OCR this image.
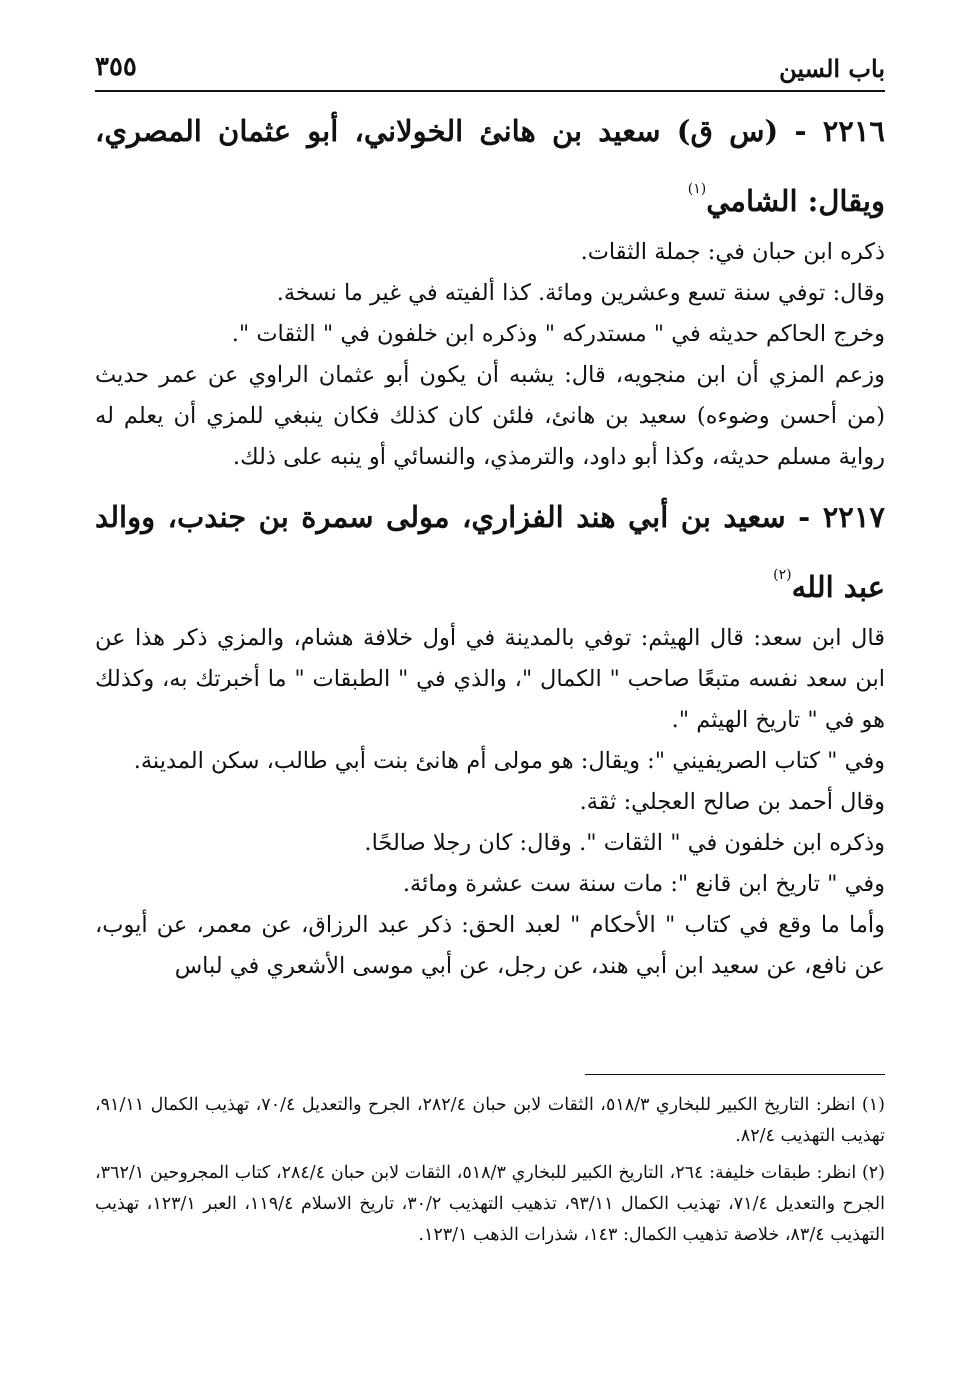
باب السين
٣٥٥
٢٢١٦ - (س ق) سعيد بن هانئ الخولاني، أبو عثمان المصري، ويقال: الشامي$^{(١)}$

ذكره ابن حبان في: جملة الثقات.

وقال: توفي سنة تسع وعشرين ومائة. كذا ألفيته في غير ما نسخة.

وخرج الحاكم حديثه في " مستدركه " وذكره ابن خلفون في " الثقات ".

وزعم المزي أن ابن منجويه، قال: يشبه أن يكون أبو عثمان الراوي عن عمر حديث (من أحسن وضوءه) سعيد بن هانئ، فلئن كان كذلك فكان ينبغي للمزي أن يعلم له رواية مسلم حديثه، وكذا أبو داود، والترمذي، والنسائي أو ينبه على ذلك.

٢٢١٧ - سعيد بن أبي هند الفزاري، مولى سمرة بن جندب، ووالد عبد الله$^{(٢)}$

قال ابن سعد: قال الهيثم: توفي بالمدينة في أول خلافة هشام، والمزي ذكر هذا عن ابن سعد نفسه متبعًا صاحب " الكمال "، والذي في " الطبقات " ما أخبرتك به، وكذلك هو في " تاريخ الهيثم ".

وفي " كتاب الصريفيني ": ويقال: هو مولى أم هانئ بنت أبي طالب، سكن المدينة.

وقال أحمد بن صالح العجلي: ثقة.

وذكره ابن خلفون في " الثقات ". وقال: كان رجلا صالحًا.

وفي " تاريخ ابن قانع ": مات سنة ست عشرة ومائة.

وأما ما وقع في كتاب " الأحكام " لعبد الحق: ذكر عبد الرزاق، عن معمر، عن أيوب، عن نافع، عن سعيد ابن أبي هند، عن رجل، عن أبي موسى الأشعري في لباس

(١) انظر: التاريخ الكبير للبخاري ٥١٨/٣، الثقات لابن حبان ٢٨٢/٤، الجرح والتعديل ٧٠/٤، تهذيب الكمال ٩١/١١، تهذيب التهذيب ٨٢/٤.

(٢) انظر: طبقات خليفة: ٢٦٤، التاريخ الكبير للبخاري ٥١٨/٣، الثقات لابن حبان ٢٨٤/٤، كتاب المجروحين ٣٦٢/١، الجرح والتعديل ٧١/٤، تهذيب الكمال ٩٣/١١، تذهيب التهذيب ٣٠/٢، تاريخ الاسلام ١١٩/٤، العبر ١٢٣/١، تهذيب التهذيب ٨٣/٤، خلاصة تذهيب الكمال: ١٤٣، شذرات الذهب ١٢٣/١.
